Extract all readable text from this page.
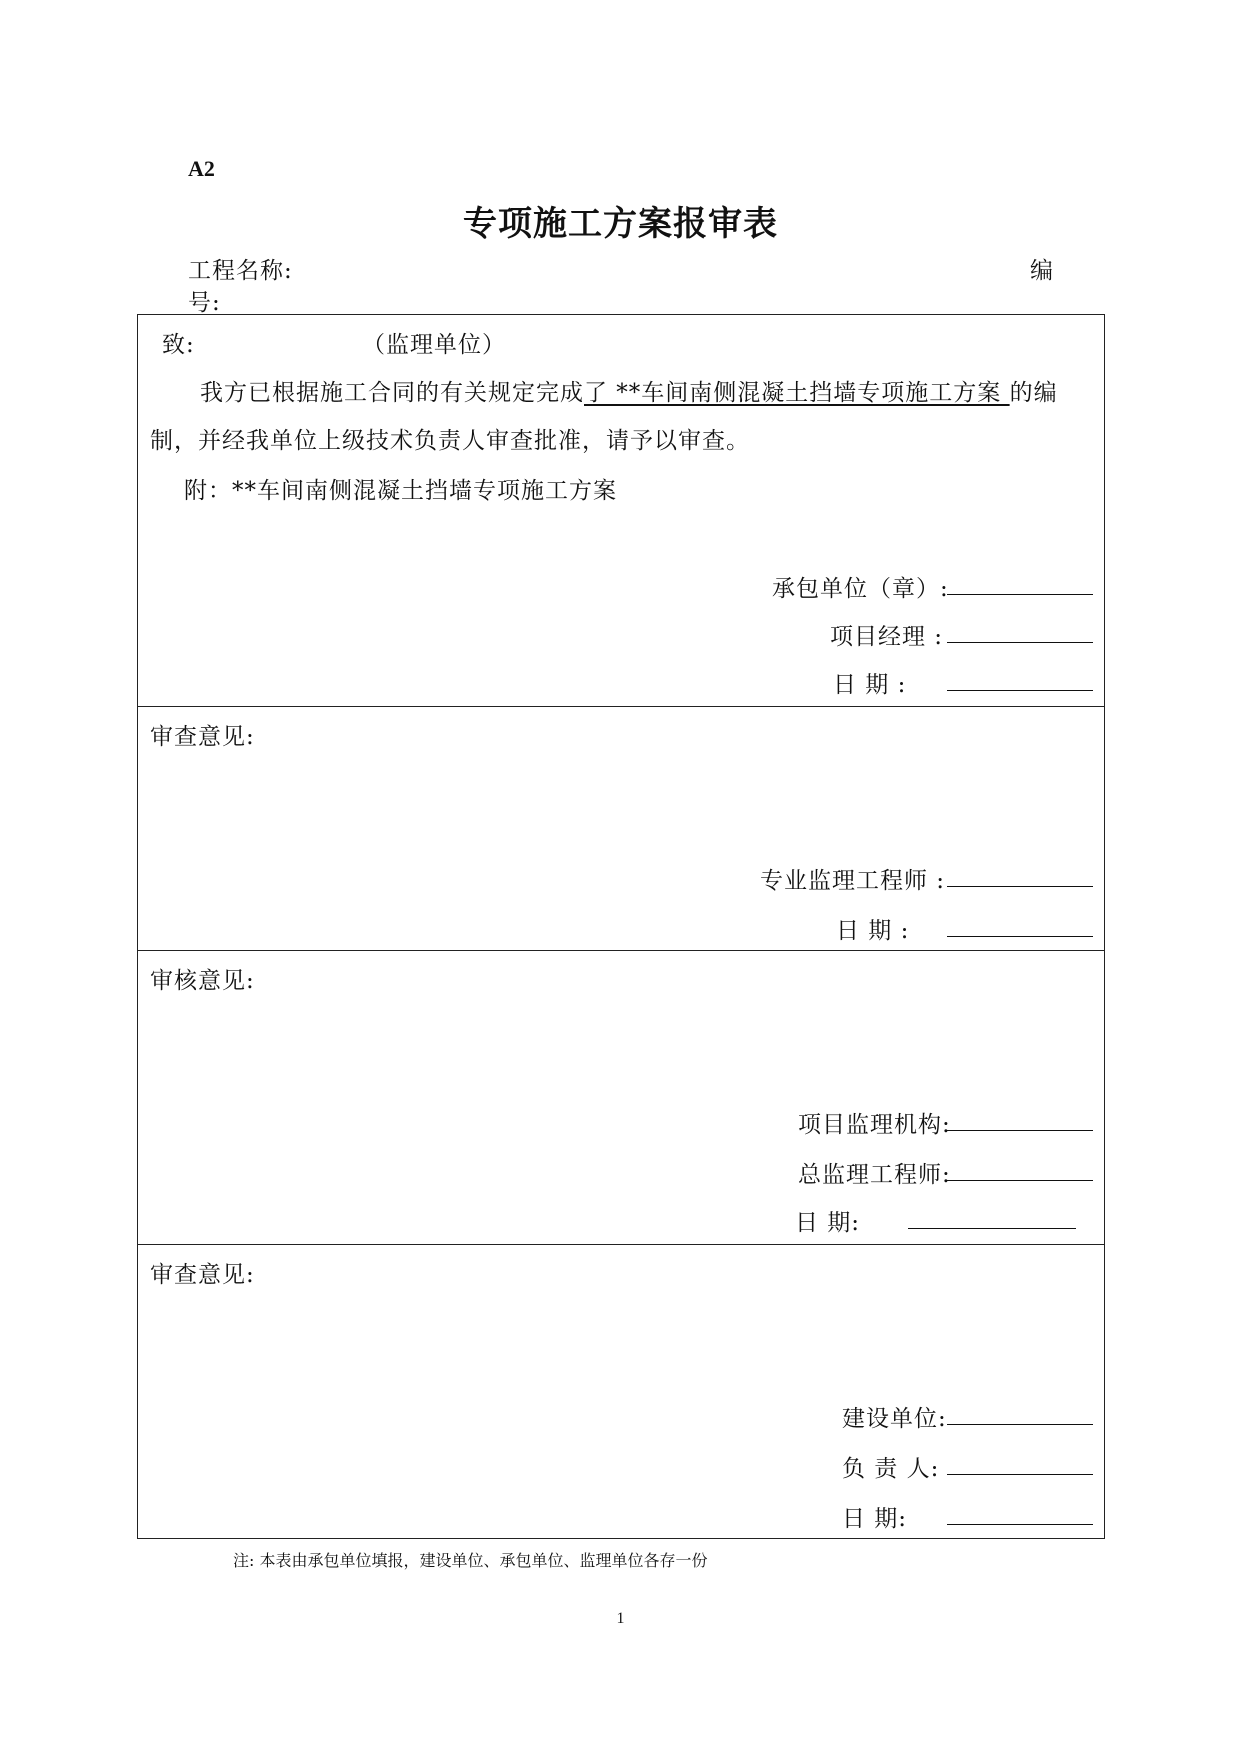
A2
专项施工方案报审表
工程名称:	编
号:
致:	（监理单位）
我方已根据施工合同的有关规定完成了 **车间南侧混凝土挡墙专项施工方案 的编
制，并经我单位上级技术负责人审查批准，请予以审查。
附：**车间南侧混凝土挡墙专项施工方案
承包单位（章）:
项目经理 :
日 期 :
审查意见:
专业监理工程师 :
日 期 :
审核意见:
项目监理机构:
总监理工程师:
日 期:
审查意见:
建设单位:
负 责 人:
日 期:
注: 本表由承包单位填报，建设单位、承包单位、监理单位各存一份
1
